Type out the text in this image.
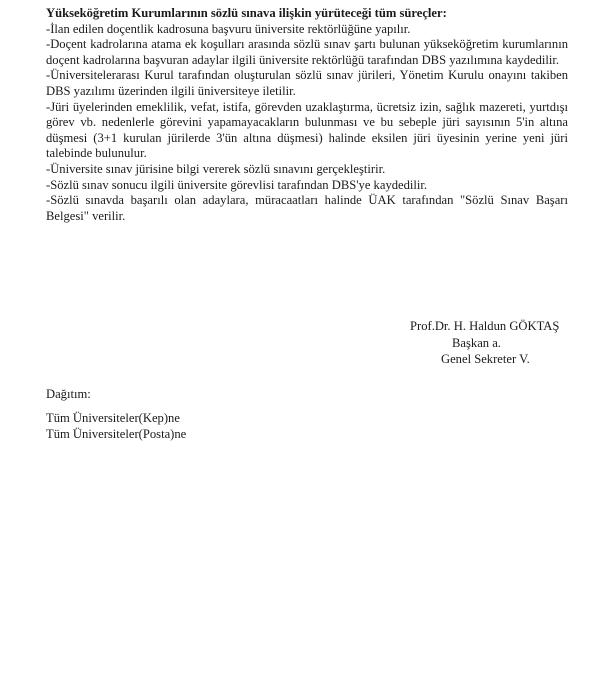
Yükseköğretim Kurumlarının sözlü sınava ilişkin yürüteceği tüm süreçler:

-İlan edilen doçentlik kadrosuna başvuru üniversite rektörlüğüne yapılır.

-Doçent kadrolarına atama ek koşulları arasında sözlü sınav şartı bulunan yükseköğretim kurumlarının doçent kadrolarına başvuran adaylar ilgili üniversite rektörlüğü tarafından DBS yazılımına kaydedilir.

-Üniversitelerarası Kurul tarafından oluşturulan sözlü sınav jürileri, Yönetim Kurulu onayını takiben DBS yazılımı üzerinden ilgili üniversiteye iletilir.

-Jüri üyelerinden emeklilik, vefat, istifa, görevden uzaklaştırma, ücretsiz izin, sağlık mazereti, yurtdışı görev vb. nedenlerle görevini yapamayacakların bulunması ve bu sebeple jüri sayısının 5'in altına düşmesi (3+1 kurulan jürilerde 3'ün altına düşmesi) halinde eksilen jüri üyesinin yerine yeni jüri talebinde bulunulur.

-Üniversite sınav jürisine bilgi vererek sözlü sınavını gerçekleştirir.

-Sözlü sınav sonucu ilgili üniversite görevlisi tarafından DBS'ye kaydedilir.

-Sözlü sınavda başarılı olan adaylara, müracaatları halinde ÜAK tarafından "Sözlü Sınav Başarı Belgesi" verilir.

Prof.Dr. H. Haldun GÖKTAŞ
Başkan a.
Genel Sekreter V.
Dağıtım:
Tüm Üniversiteler(Kep)ne
Tüm Üniversiteler(Posta)ne
